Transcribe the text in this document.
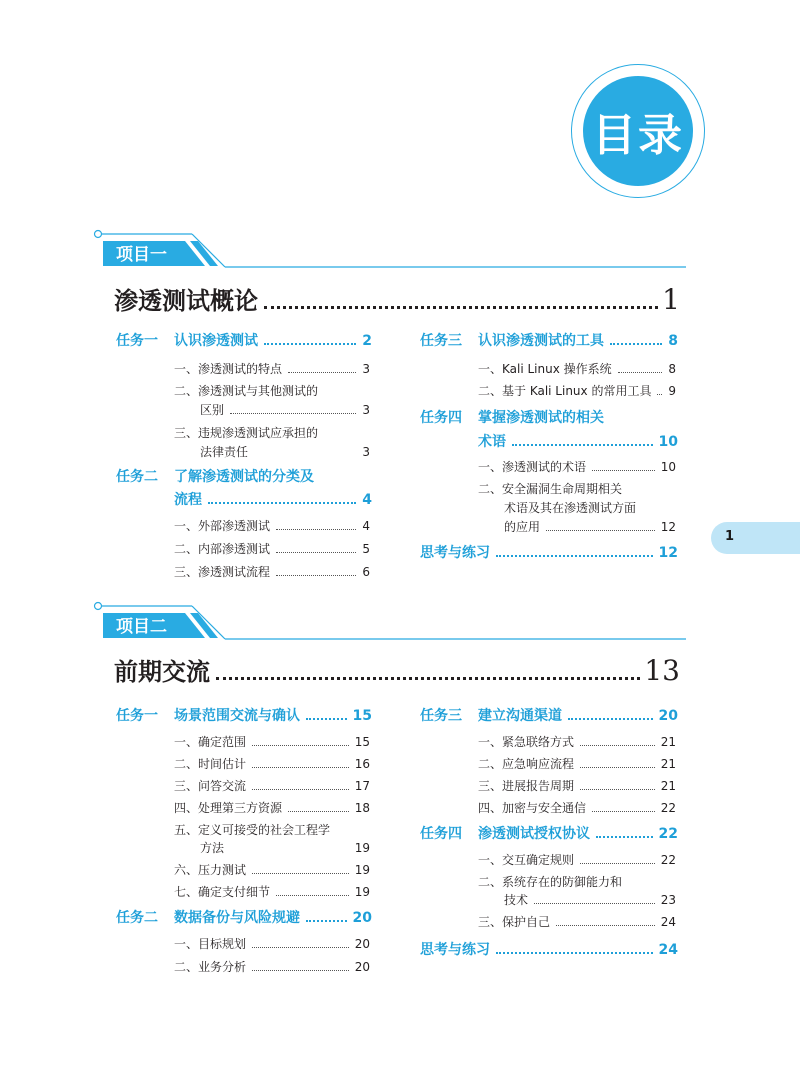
目录
1
项目一
渗透测试概论	1
任务一	认识渗透测试	2
一、渗透测试的特点	3
二、渗透测试与其他测试的
区别	3
三、违规渗透测试应承担的
法律责任	3
任务二 了解渗透测试的分类及
流程	4
一、外部渗透测试	4
二、内部渗透测试	5
三、渗透测试流程	6
任务三	认识渗透测试的工具	8
一、Kali Linux 操作系统	8
二、基于 Kali Linux 的常用工具 9
任务四 掌握渗透测试的相关
术语	10
一、渗透测试的术语	10
二、安全漏洞生命周期相关
术语及其在渗透测试方面
的应用	12
思考与练习	12
项目二
前期交流	13
任务一	场景范围交流与确认	15
一、确定范围	15
二、时间估计	16
三、问答交流	17
四、处理第三方资源	18
五、定义可接受的社会工程学
方法	19
六、压力测试	19
七、确定支付细节	19
任务二	数据备份与风险规避	20
一、目标规划	20
二、业务分析	20
任务三	建立沟通渠道	20
一、紧急联络方式	21
二、应急响应流程	21
三、进展报告周期	21
四、加密与安全通信	22
任务四	渗透测试授权协议	22
一、交互确定规则	22
二、系统存在的防御能力和
技术	23
三、保护自己	24
思考与练习	24
